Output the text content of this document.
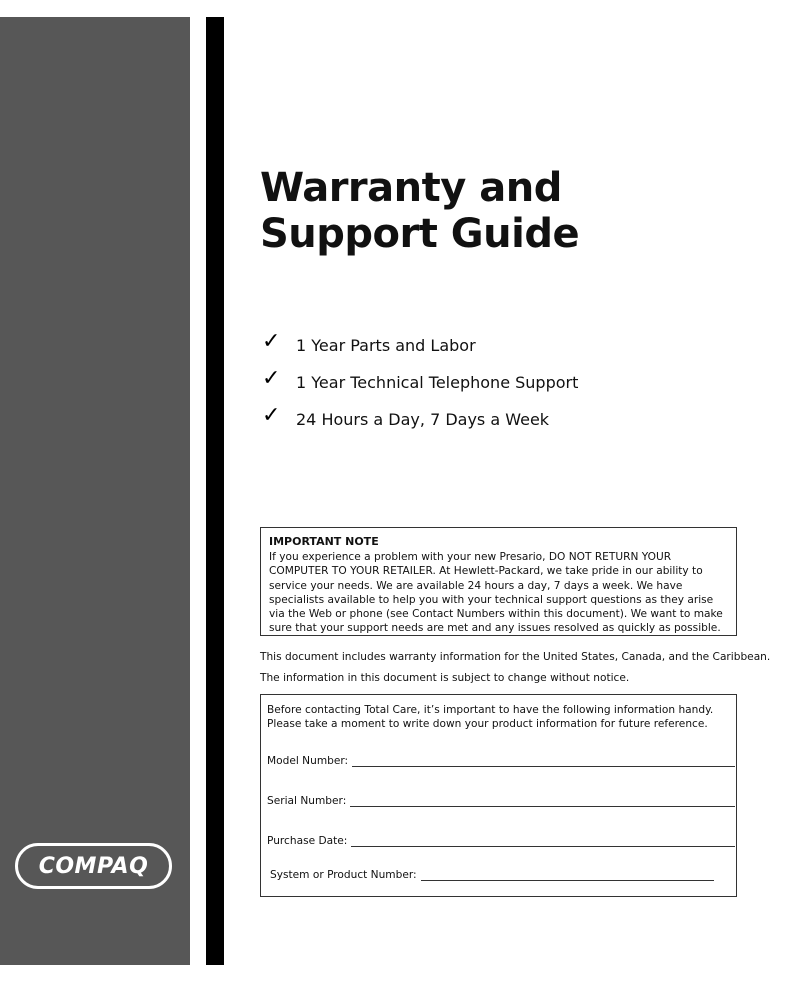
COMPAQ
Warranty and
Support Guide
✓ 1 Year Parts and Labor
✓ 1 Year Technical Telephone Support
✓ 24 Hours a Day, 7 Days a Week
IMPORTANT NOTE
If you experience a problem with your new Presario, DO NOT RETURN YOUR COMPUTER TO YOUR RETAILER. At Hewlett-Packard, we take pride in our ability to service your needs. We are available 24 hours a day, 7 days a week. We have specialists available to help you with your technical support questions as they arise via the Web or phone (see Contact Numbers within this document). We want to make sure that your support needs are met and any issues resolved as quickly as possible.

This document includes warranty information for the United States, Canada, and the Caribbean.

The information in this document is subject to change without notice.

Before contacting Total Care, it’s important to have the following information handy. Please take a moment to write down your product information for future reference.
Model Number:
Serial Number:
Purchase Date:
System or Product Number:
